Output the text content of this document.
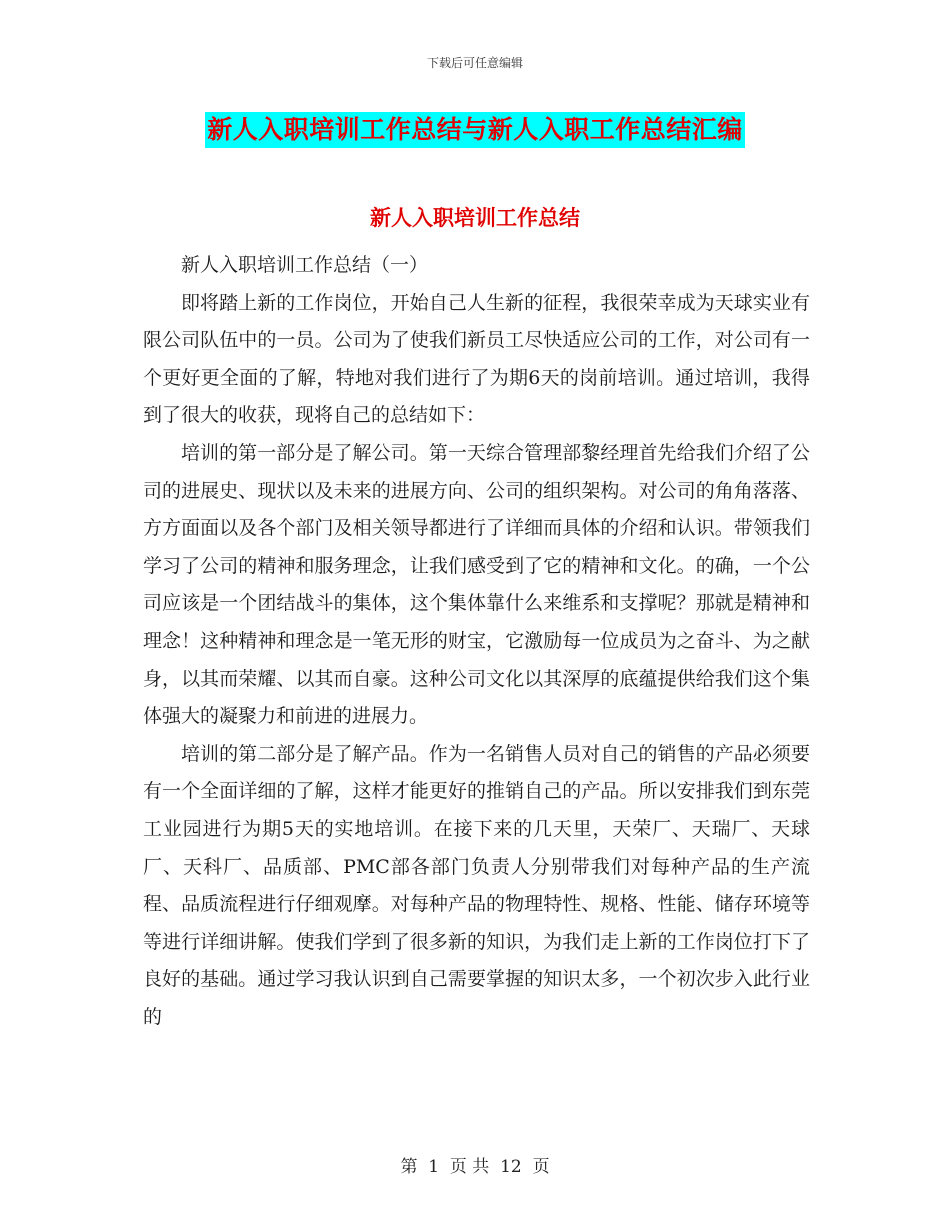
下载后可任意编辑
新人入职培训工作总结与新人入职工作总结汇编
新人入职培训工作总结

新人入职培训工作总结（一）

即将踏上新的工作岗位，开始自己人生新的征程，我很荣幸成为天球实业有限公司队伍中的一员。公司为了使我们新员工尽快适应公司的工作，对公司有一个更好更全面的了解，特地对我们进行了为期6天的岗前培训。通过培训，我得到了很大的收获，现将自己的总结如下：

培训的第一部分是了解公司。第一天综合管理部黎经理首先给我们介绍了公司的进展史、现状以及未来的进展方向、公司的组织架构。对公司的角角落落、方方面面以及各个部门及相关领导都进行了详细而具体的介绍和认识。带领我们学习了公司的精神和服务理念，让我们感受到了它的精神和文化。的确，一个公司应该是一个团结战斗的集体，这个集体靠什么来维系和支撑呢？那就是精神和理念！这种精神和理念是一笔无形的财宝，它激励每一位成员为之奋斗、为之献身，以其而荣耀、以其而自豪。这种公司文化以其深厚的底蕴提供给我们这个集体强大的凝聚力和前进的进展力。

培训的第二部分是了解产品。作为一名销售人员对自己的销售的产品必须要有一个全面详细的了解，这样才能更好的推销自己的产品。所以安排我们到东莞工业园进行为期5天的实地培训。在接下来的几天里，天荣厂、天瑞厂、天球厂、天科厂、品质部、PMC部各部门负责人分别带我们对每种产品的生产流程、品质流程进行仔细观摩。对每种产品的物理特性、规格、性能、储存环境等等进行详细讲解。使我们学到了很多新的知识，为我们走上新的工作岗位打下了良好的基础。通过学习我认识到自己需要掌握的知识太多，一个初次步入此行业的

第 1 页 共 12 页
